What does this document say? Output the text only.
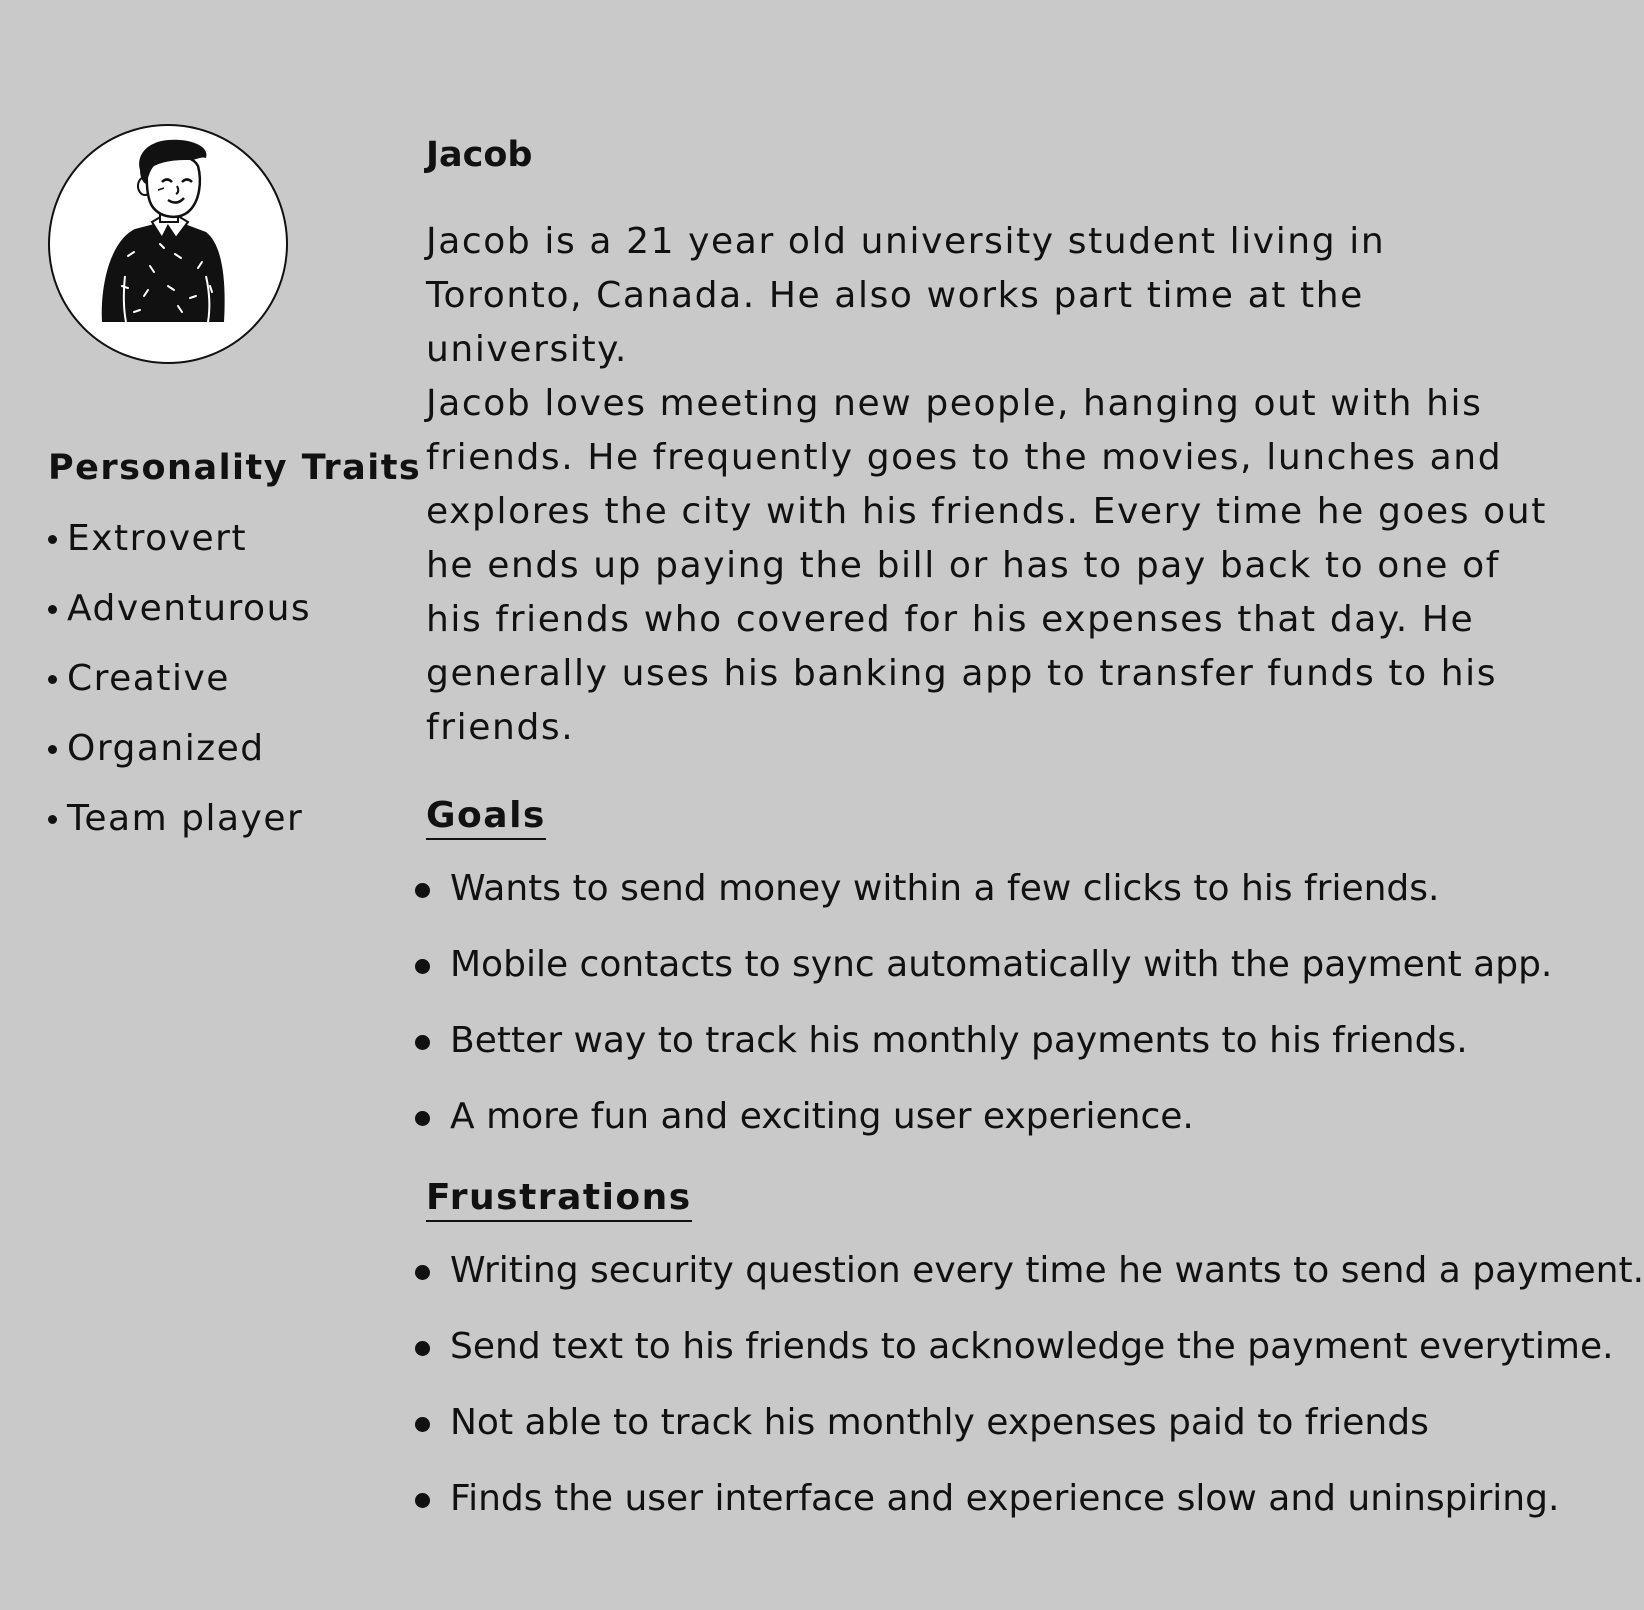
Personality Traits
Extrovert
Adventurous
Creative
Organized
Team player
Jacob

Jacob is a 21 year old university student living in
Toronto, Canada. He also works part time at the
university.
Jacob loves meeting new people, hanging out with his
friends. He frequently goes to the movies, lunches and
explores the city with his friends. Every time he goes out
he ends up paying the bill or has to pay back to one of
his friends who covered for his expenses that day. He
generally uses his banking app to transfer funds to his
friends.

Goals
Wants to send money within a few clicks to his friends.
Mobile contacts to sync automatically with the payment app.
Better way to track his monthly payments to his friends.
A more fun and exciting user experience.
Frustrations
Writing security question every time he wants to send a payment.
Send text to his friends to acknowledge the payment everytime.
Not able to track his monthly expenses paid to friends
Finds the user interface and experience slow and uninspiring.
